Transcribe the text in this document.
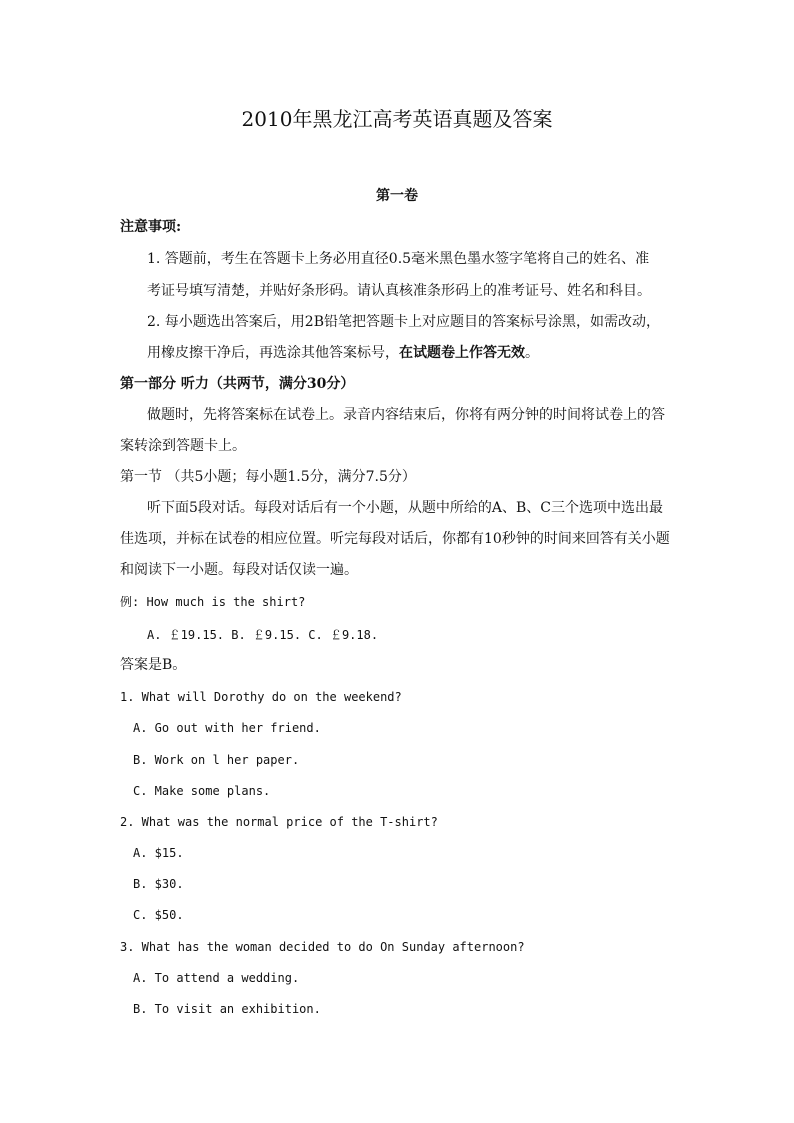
2010年黑龙江高考英语真题及答案
第一卷
注意事项:
1. 答题前，考生在答题卡上务必用直径0.5毫米黑色墨水签字笔将自己的姓名、准
考证号填写清楚，并贴好条形码。请认真核准条形码上的准考证号、姓名和科目。
2. 每小题选出答案后，用2B铅笔把答题卡上对应题目的答案标号涂黑，如需改动，
用橡皮擦干净后，再选涂其他答案标号，在试题卷上作答无效。
第一部分 听力（共两节，满分30分）
做题时，先将答案标在试卷上。录音内容结束后，你将有两分钟的时间将试卷上的答
案转涂到答题卡上。
第一节 （共5小题；每小题1.5分，满分7.5分）
听下面5段对话。每段对话后有一个小题，从题中所给的A、B、C三个选项中选出最
佳选项，并标在试卷的相应位置。听完每段对话后，你都有10秒钟的时间来回答有关小题
和阅读下一小题。每段对话仅读一遍。
例: How much is the shirt?
A. ￡19.15. B. ￡9.15. C. ￡9.18.
答案是B。
1. What will Dorothy do on the weekend?
A. Go out with her friend.
B. Work on l her paper.
C. Make some plans.
2. What was the normal price of the T-shirt?
A. $15.
B. $30.
C. $50.
3. What has the woman decided to do On Sunday afternoon?
A. To attend a wedding.
B. To visit an exhibition.
